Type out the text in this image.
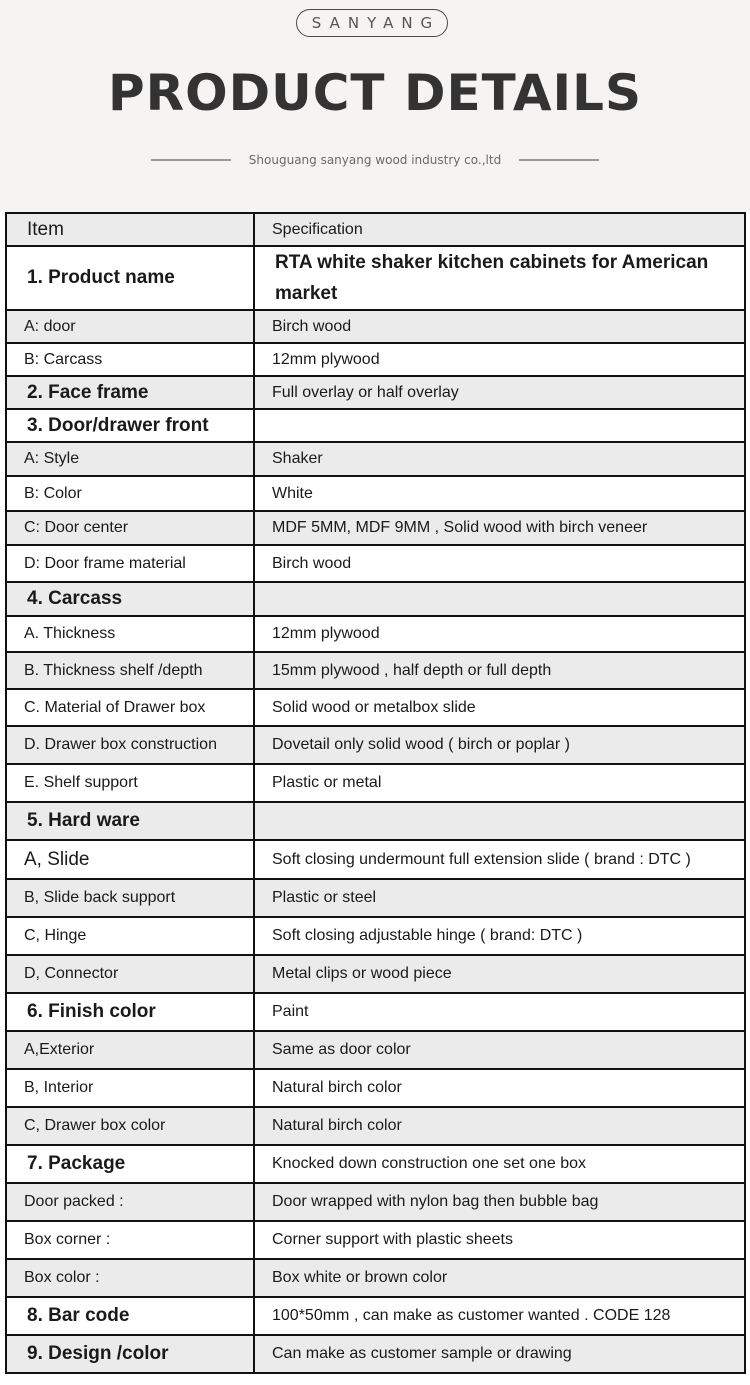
SANYANG
PRODUCT DETAILS
Shouguang sanyang wood industry co.,ltd
Item	Specification
1. Product name	RTA white shaker kitchen cabinets for American market
A: door	Birch wood
B: Carcass	12mm plywood
2. Face frame	Full overlay or half overlay
3. Door/drawer front	
A: Style	Shaker
B: Color	White
C: Door center	MDF 5MM, MDF 9MM , Solid wood with birch veneer
D: Door frame material	Birch wood
4. Carcass	
A. Thickness	12mm plywood
B. Thickness shelf /depth	15mm plywood , half depth or full depth
C. Material of Drawer box	Solid wood or metalbox slide
D. Drawer box construction	Dovetail only solid wood ( birch or poplar )
E. Shelf support	Plastic or metal
5. Hard ware	
A, Slide	Soft closing undermount full extension slide ( brand : DTC )
B, Slide back support	Plastic or steel
C, Hinge	Soft closing adjustable hinge ( brand: DTC )
D, Connector	Metal clips or wood piece
6. Finish color	Paint
A,Exterior	Same as door color
B, Interior	Natural birch color
C, Drawer box color	Natural birch color
7. Package	Knocked down construction one set one box
Door packed :	Door wrapped with nylon bag then bubble bag
Box corner :	Corner support with plastic sheets
Box color :	Box white or brown color
8. Bar code	100*50mm , can make as customer wanted . CODE 128
9. Design /color	Can make as customer sample or drawing
